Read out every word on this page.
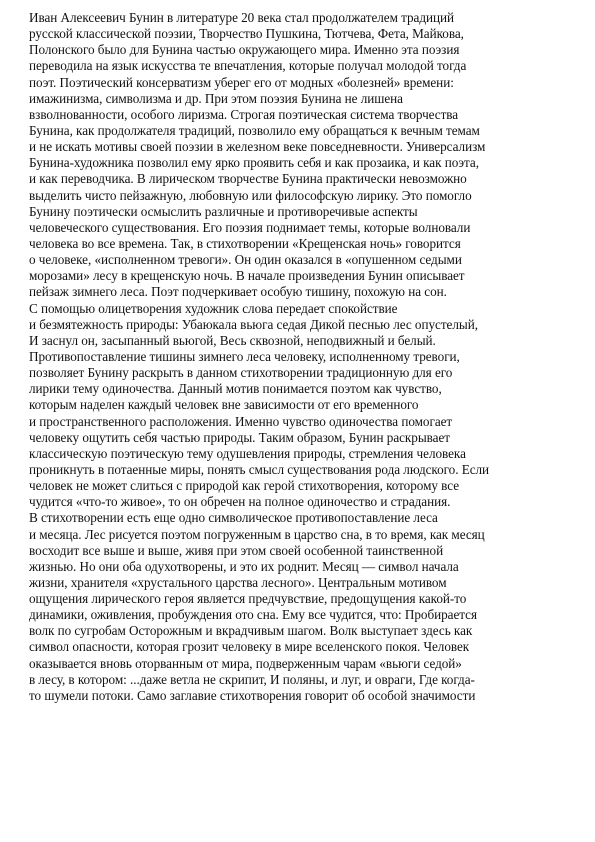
Иван Алексеевич Бунин в литературе 20 века стал продолжателем традиций
русской классической поэзии, Творчество Пушкина, Тютчева, Фета, Майкова,
Полонского было для Бунина частью окружающего мира. Именно эта поэзия
переводила на язык искусства те впечатления, которые получал молодой тогда
поэт. Поэтический консерватизм уберег его от модных «болезней» времени:
имажинизма, символизма и др. При этом поэзия Бунина не лишена
взволнованности, особого лиризма. Строгая поэтическая система творчества
Бунина, как продолжателя традиций, позволило ему обращаться к вечным темам
и не искать мотивы своей поэзии в железном веке повседневности. Универсализм
Бунина-художника позволил ему ярко проявить себя и как прозаика, и как поэта,
и как переводчика. В лирическом творчестве Бунина практически невозможно
выделить чисто пейзажную, любовную или философскую лирику. Это помогло
Бунину поэтически осмыслить различные и противоречивые аспекты
человеческого существования. Его поэзия поднимает темы, которые волновали
человека во все времена. Так, в стихотворении «Крещенская ночь» говорится
о человеке, «исполненном тревоги». Он один оказался в «опушенном седыми
морозами» лесу в крещенскую ночь. В начале произведения Бунин описывает
пейзаж зимнего леса. Поэт подчеркивает особую тишину, похожую на сон.
С помощью олицетворения художник слова передает спокойствие
и безмятежность природы: Убаюкала вьюга седая Дикой песнью лес опустелый,
И заснул он, засыпанный вьюгой, Весь сквозной, неподвижный и белый.
Противопоставление тишины зимнего леса человеку, исполненному тревоги,
позволяет Бунину раскрыть в данном стихотворении традиционную для его
лирики тему одиночества. Данный мотив понимается поэтом как чувство,
которым наделен каждый человек вне зависимости от его временного
и пространственного расположения. Именно чувство одиночества помогает
человеку ощутить себя частью природы. Таким образом, Бунин раскрывает
классическую поэтическую тему одушевления природы, стремления человека
проникнуть в потаенные миры, понять смысл существования рода людского. Если
человек не может слиться с природой как герой стихотворения, которому все
чудится «что-то живое», то он обречен на полное одиночество и страдания.
В стихотворении есть еще одно символическое противопоставление леса
и месяца. Лес рисуется поэтом погруженным в царство сна, в то время, как месяц
восходит все выше и выше, живя при этом своей особенной таинственной
жизнью. Но они оба одухотворены, и это их роднит. Месяц — символ начала
жизни, хранителя «хрустального царства лесного». Центральным мотивом
ощущения лирического героя является предчувствие, предощущения какой-то
динамики, оживления, пробуждения ото сна. Ему все чудится, что: Пробирается
волк по сугробам Осторожным и вкрадчивым шагом. Волк выступает здесь как
символ опасности, которая грозит человеку в мире вселенского покоя. Человек
оказывается вновь оторванным от мира, подверженным чарам «вьюги седой»
в лесу, в котором: ...даже ветла не скрипит, И поляны, и луг, и овраги, Где когда-
то шумели потоки. Само заглавие стихотворения говорит об особой значимости
